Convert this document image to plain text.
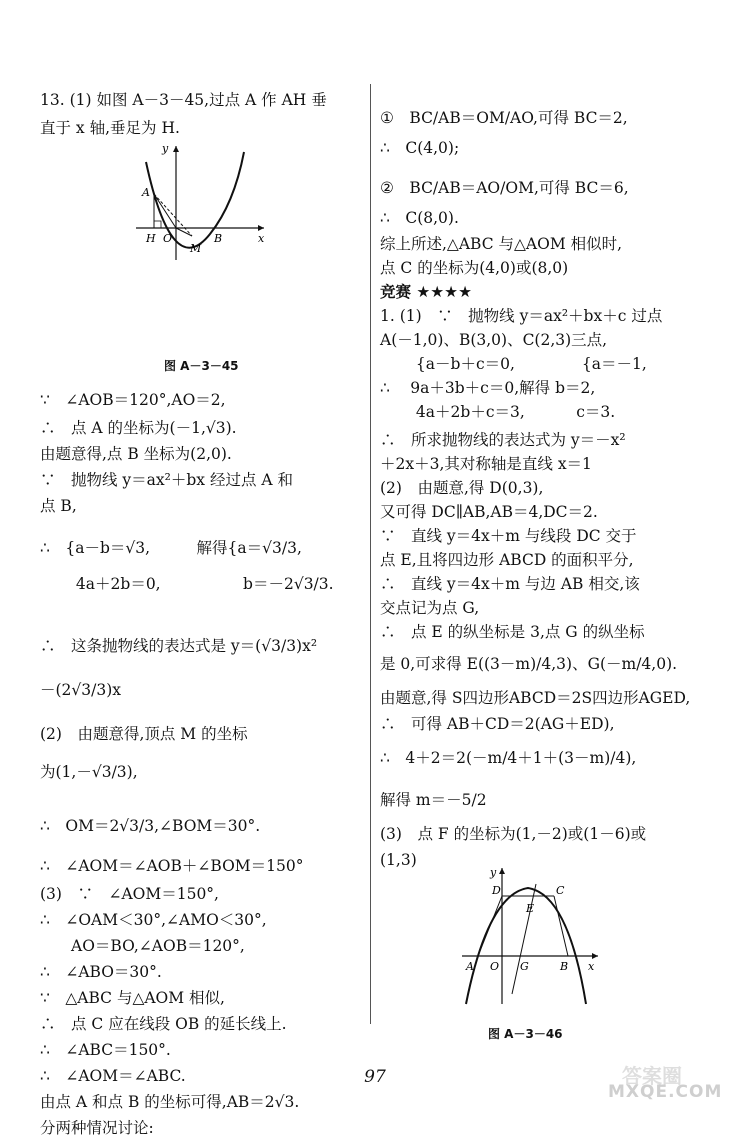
13. (1) 如图 A－3－45,过点 A 作 AH 垂
直于 x 轴,垂足为 H.
图 A－3－45
∵　∠AOB＝120°,AO＝2,
∴　点 A 的坐标为(－1,√3).
由题意得,点 B 坐标为(2,0).
∵　抛物线 y＝ax²＋bx 经过点 A 和
点 B,
∴　{a－b＝√3,　　　解得{a＝√3/3,
　　 4a＋2b＝0,　　　　　 b＝－2√3/3.
∴　这条抛物线的表达式是 y＝(√3/3)x²
－(2√3/3)x
(2)　由题意得,顶点 M 的坐标
为(1,－√3/3),
∴　OM＝2√3/3,∠BOM＝30°.
∴　∠AOM＝∠AOB＋∠BOM＝150°
(3)　∵　∠AOM＝150°,
∴　∠OAM＜30°,∠AMO＜30°,
　　AO＝BO,∠AOB＝120°,
∴　∠ABO＝30°.
∵　△ABC 与△AOM 相似,
∴　点 C 应在线段 OB 的延长线上.
∴　∠ABC＝150°.
∴　∠AOM＝∠ABC.
由点 A 和点 B 的坐标可得,AB＝2√3.
分两种情况讨论:
①　BC/AB＝OM/AO,可得 BC＝2,
∴　C(4,0);
②　BC/AB＝AO/OM,可得 BC＝6,
∴　C(8,0).
综上所述,△ABC 与△AOM 相似时,
点 C 的坐标为(4,0)或(8,0)
竞赛 ★★★★
1. (1)　∵　抛物线 y＝ax²＋bx＋c 过点
A(－1,0)、B(3,0)、C(2,3)三点,
　　 {a－b＋c＝0,　　　　 {a＝－1,
∴　 9a＋3b＋c＝0,解得 b＝2,
　　 4a＋2b＋c＝3,　　　 c＝3.
∴　所求抛物线的表达式为 y＝－x²
＋2x＋3,其对称轴是直线 x＝1
(2)　由题意,得 D(0,3),
又可得 DC∥AB,AB＝4,DC＝2.
∵　直线 y＝4x＋m 与线段 DC 交于
点 E,且将四边形 ABCD 的面积平分,
∴　直线 y＝4x＋m 与边 AB 相交,该
交点记为点 G,
∴　点 E 的纵坐标是 3,点 G 的纵坐标
是 0,可求得 E((3－m)/4,3)、G(－m/4,0).
由题意,得 S四边形ABCD＝2S四边形AGED,
∴　可得 AB＋CD＝2(AG＋ED),
∴　4＋2＝2(－m/4＋1＋(3－m)/4),
解得 m＝－5/2
(3)　点 F 的坐标为(1,－2)或(1－6)或
(1,3)
图 A－3－46
y
A
H O
M
B	x
y
D	C
E
A O G	B x
97	答案圈
MXQE.COM
